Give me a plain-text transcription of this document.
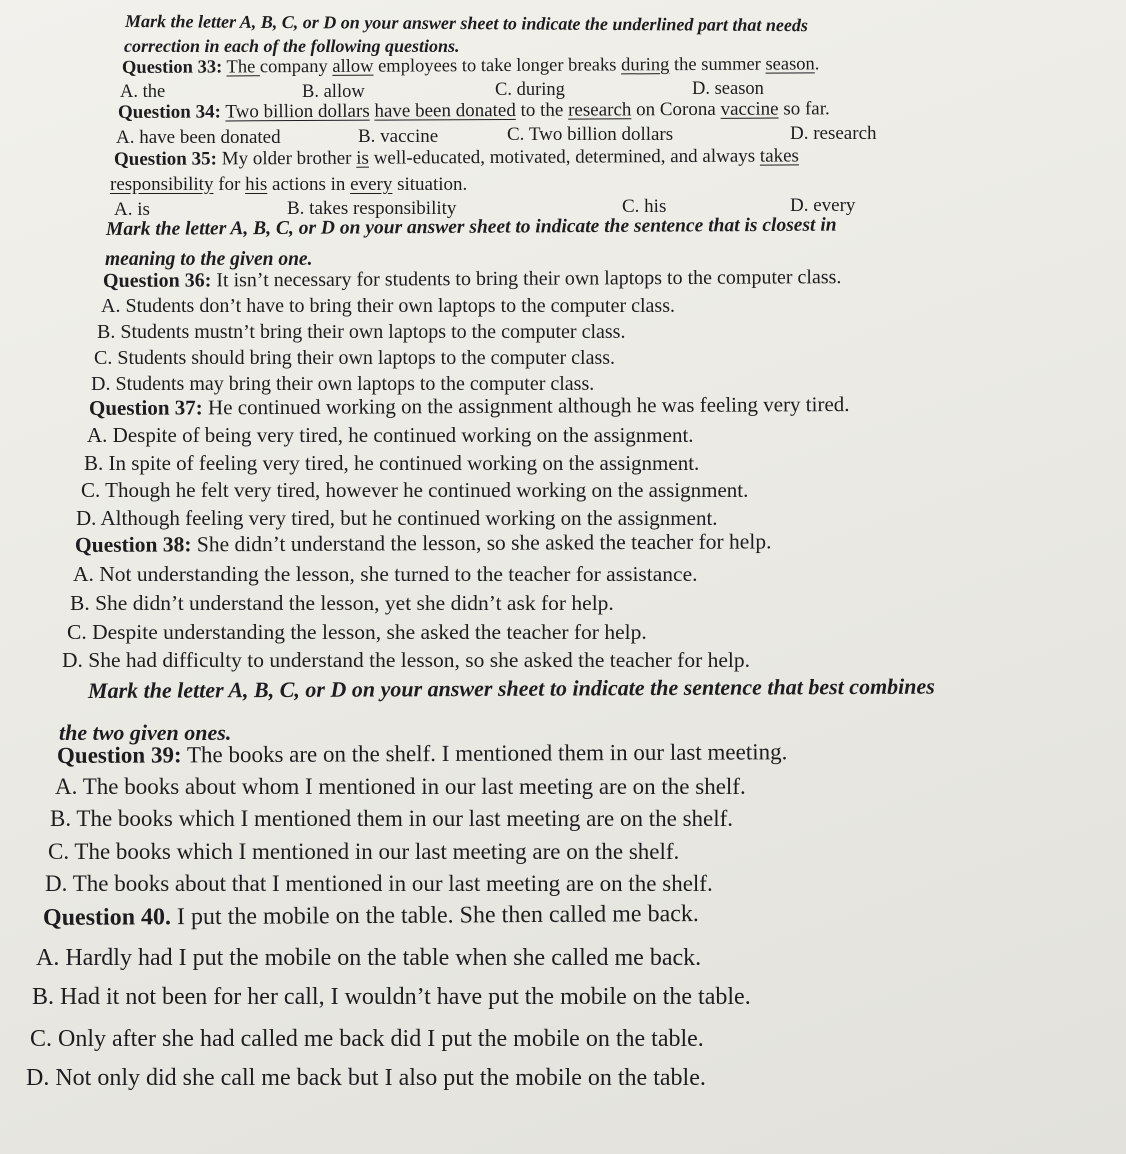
Mark the letter A, B, C, or D on your answer sheet to indicate the underlined part that needs
correction in each of the following questions.
Question 33: The company allow employees to take longer breaks during the summer season.
A. the	B. allow	C. during	D. season
Question 34: Two billion dollars have been donated to the research on Corona vaccine so far.
A. have been donated	B. vaccine	C. Two billion dollars	D. research
Question 35: My older brother is well-educated, motivated, determined, and always takes
responsibility for his actions in every situation.
A. is	B. takes responsibility	C. his	D. every
Mark the letter A, B, C, or D on your answer sheet to indicate the sentence that is closest in
meaning to the given one.
Question 36: It isn’t necessary for students to bring their own laptops to the computer class.
A. Students don’t have to bring their own laptops to the computer class.
B. Students mustn’t bring their own laptops to the computer class.
C. Students should bring their own laptops to the computer class.
D. Students may bring their own laptops to the computer class.
Question 37: He continued working on the assignment although he was feeling very tired.
A. Despite of being very tired, he continued working on the assignment.
B. In spite of feeling very tired, he continued working on the assignment.
C. Though he felt very tired, however he continued working on the assignment.
D. Although feeling very tired, but he continued working on the assignment.
Question 38: She didn’t understand the lesson, so she asked the teacher for help.
A. Not understanding the lesson, she turned to the teacher for assistance.
B. She didn’t understand the lesson, yet she didn’t ask for help.
C. Despite understanding the lesson, she asked the teacher for help.
D. She had difficulty to understand the lesson, so she asked the teacher for help.
Mark the letter A, B, C, or D on your answer sheet to indicate the sentence that best combines
the two given ones.
Question 39: The books are on the shelf. I mentioned them in our last meeting.
A. The books about whom I mentioned in our last meeting are on the shelf.
B. The books which I mentioned them in our last meeting are on the shelf.
C. The books which I mentioned in our last meeting are on the shelf.
D. The books about that I mentioned in our last meeting are on the shelf.
Question 40. I put the mobile on the table. She then called me back.
A. Hardly had I put the mobile on the table when she called me back.
B. Had it not been for her call, I wouldn’t have put the mobile on the table.
C. Only after she had called me back did I put the mobile on the table.
D. Not only did she call me back but I also put the mobile on the table.
